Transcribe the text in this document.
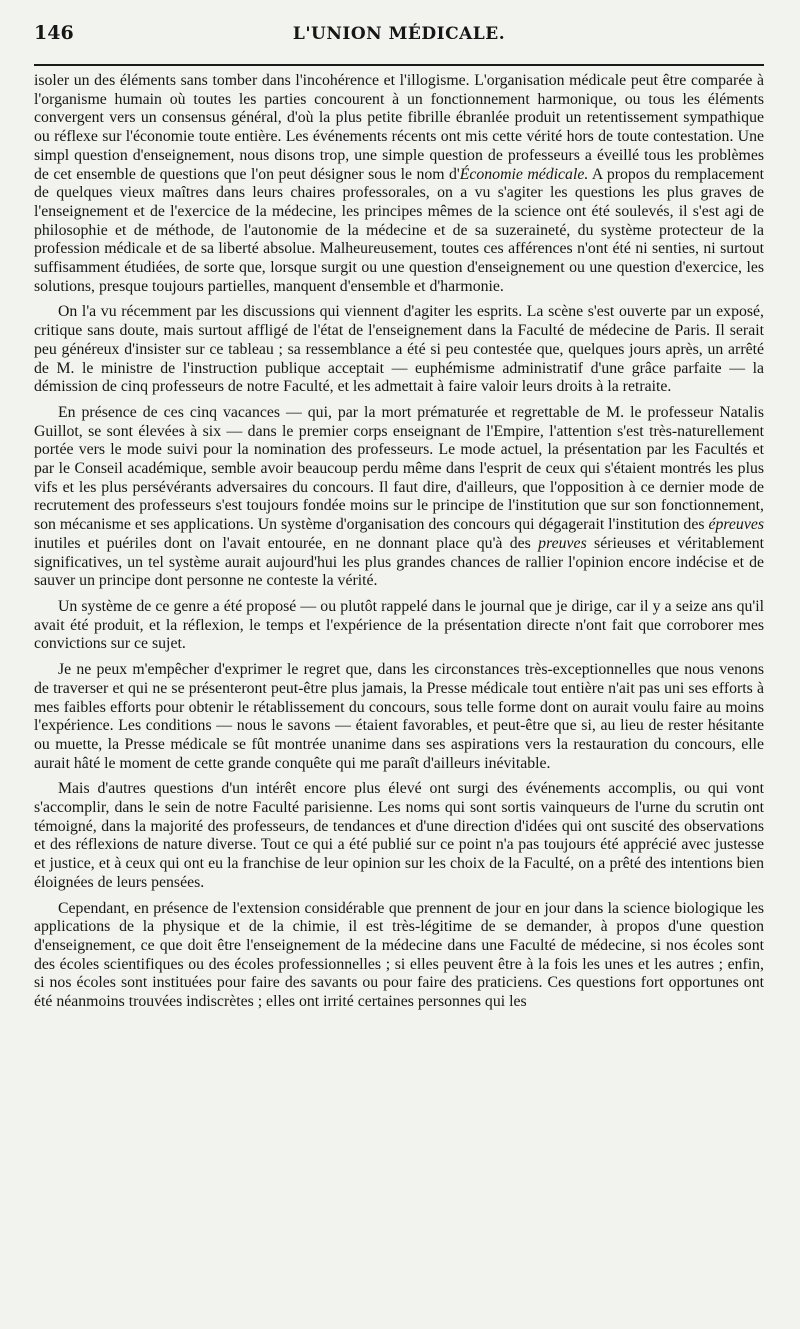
146	L'UNION MÉDICALE.

isoler un des éléments sans tomber dans l'incohérence et l'illogisme. L'organisation médicale peut être comparée à l'organisme humain où toutes les parties concourent à un fonctionnement harmonique, ou tous les éléments convergent vers un consensus général, d'où la plus petite fibrille ébranlée produit un retentissement sympathique ou réflexe sur l'économie toute entière. Les événements récents ont mis cette vérité hors de toute contestation. Une simpl question d'enseignement, nous disons trop, une simple question de professeurs a éveillé tous les problèmes de cet ensemble de questions que l'on peut désigner sous le nom d'Économie médicale. A propos du remplacement de quelques vieux maîtres dans leurs chaires professorales, on a vu s'agiter les questions les plus graves de l'enseignement et de l'exercice de la médecine, les principes mêmes de la science ont été soulevés, il s'est agi de philosophie et de méthode, de l'autonomie de la médecine et de sa suzeraineté, du système protecteur de la profession médicale et de sa liberté absolue. Malheureusement, toutes ces afférences n'ont été ni senties, ni surtout suffisamment étudiées, de sorte que, lorsque surgit ou une question d'enseignement ou une question d'exercice, les solutions, presque toujours partielles, manquent d'ensemble et d'harmonie.

On l'a vu récemment par les discussions qui viennent d'agiter les esprits. La scène s'est ouverte par un exposé, critique sans doute, mais surtout affligé de l'état de l'enseignement dans la Faculté de médecine de Paris. Il serait peu généreux d'insister sur ce tableau ; sa ressemblance a été si peu contestée que, quelques jours après, un arrêté de M. le ministre de l'instruction publique acceptait — euphémisme administratif d'une grâce parfaite — la démission de cinq professeurs de notre Faculté, et les admettait à faire valoir leurs droits à la retraite.

En présence de ces cinq vacances — qui, par la mort prématurée et regrettable de M. le professeur Natalis Guillot, se sont élevées à six — dans le premier corps enseignant de l'Empire, l'attention s'est très-naturellement portée vers le mode suivi pour la nomination des professeurs. Le mode actuel, la présentation par les Facultés et par le Conseil académique, semble avoir beaucoup perdu même dans l'esprit de ceux qui s'étaient montrés les plus vifs et les plus persévérants adversaires du concours. Il faut dire, d'ailleurs, que l'opposition à ce dernier mode de recrutement des professeurs s'est toujours fondée moins sur le principe de l'institution que sur son fonctionnement, son mécanisme et ses applications. Un système d'organisation des concours qui dégagerait l'institution des épreuves inutiles et puériles dont on l'avait entourée, en ne donnant place qu'à des preuves sérieuses et véritablement significatives, un tel système aurait aujourd'hui les plus grandes chances de rallier l'opinion encore indécise et de sauver un principe dont personne ne conteste la vérité.

Un système de ce genre a été proposé — ou plutôt rappelé dans le journal que je dirige, car il y a seize ans qu'il avait été produit, et la réflexion, le temps et l'expérience de la présentation directe n'ont fait que corroborer mes convictions sur ce sujet.

Je ne peux m'empêcher d'exprimer le regret que, dans les circonstances très-exceptionnelles que nous venons de traverser et qui ne se présenteront peut-être plus jamais, la Presse médicale tout entière n'ait pas uni ses efforts à mes faibles efforts pour obtenir le rétablissement du concours, sous telle forme dont on aurait voulu faire au moins l'expérience. Les conditions — nous le savons — étaient favorables, et peut-être que si, au lieu de rester hésitante ou muette, la Presse médicale se fût montrée unanime dans ses aspirations vers la restauration du concours, elle aurait hâté le moment de cette grande conquête qui me paraît d'ailleurs inévitable.

Mais d'autres questions d'un intérêt encore plus élevé ont surgi des événements accomplis, ou qui vont s'accomplir, dans le sein de notre Faculté parisienne. Les noms qui sont sortis vainqueurs de l'urne du scrutin ont témoigné, dans la majorité des professeurs, de tendances et d'une direction d'idées qui ont suscité des observations et des réflexions de nature diverse. Tout ce qui a été publié sur ce point n'a pas toujours été apprécié avec justesse et justice, et à ceux qui ont eu la franchise de leur opinion sur les choix de la Faculté, on a prêté des intentions bien éloignées de leurs pensées.

Cependant, en présence de l'extension considérable que prennent de jour en jour dans la science biologique les applications de la physique et de la chimie, il est très-légitime de se demander, à propos d'une question d'enseignement, ce que doit être l'enseignement de la médecine dans une Faculté de médecine, si nos écoles sont des écoles scientifiques ou des écoles professionnelles ; si elles peuvent être à la fois les unes et les autres ; enfin, si nos écoles sont instituées pour faire des savants ou pour faire des praticiens. Ces questions fort opportunes ont été néanmoins trouvées indiscrètes ; elles ont irrité certaines personnes qui les
